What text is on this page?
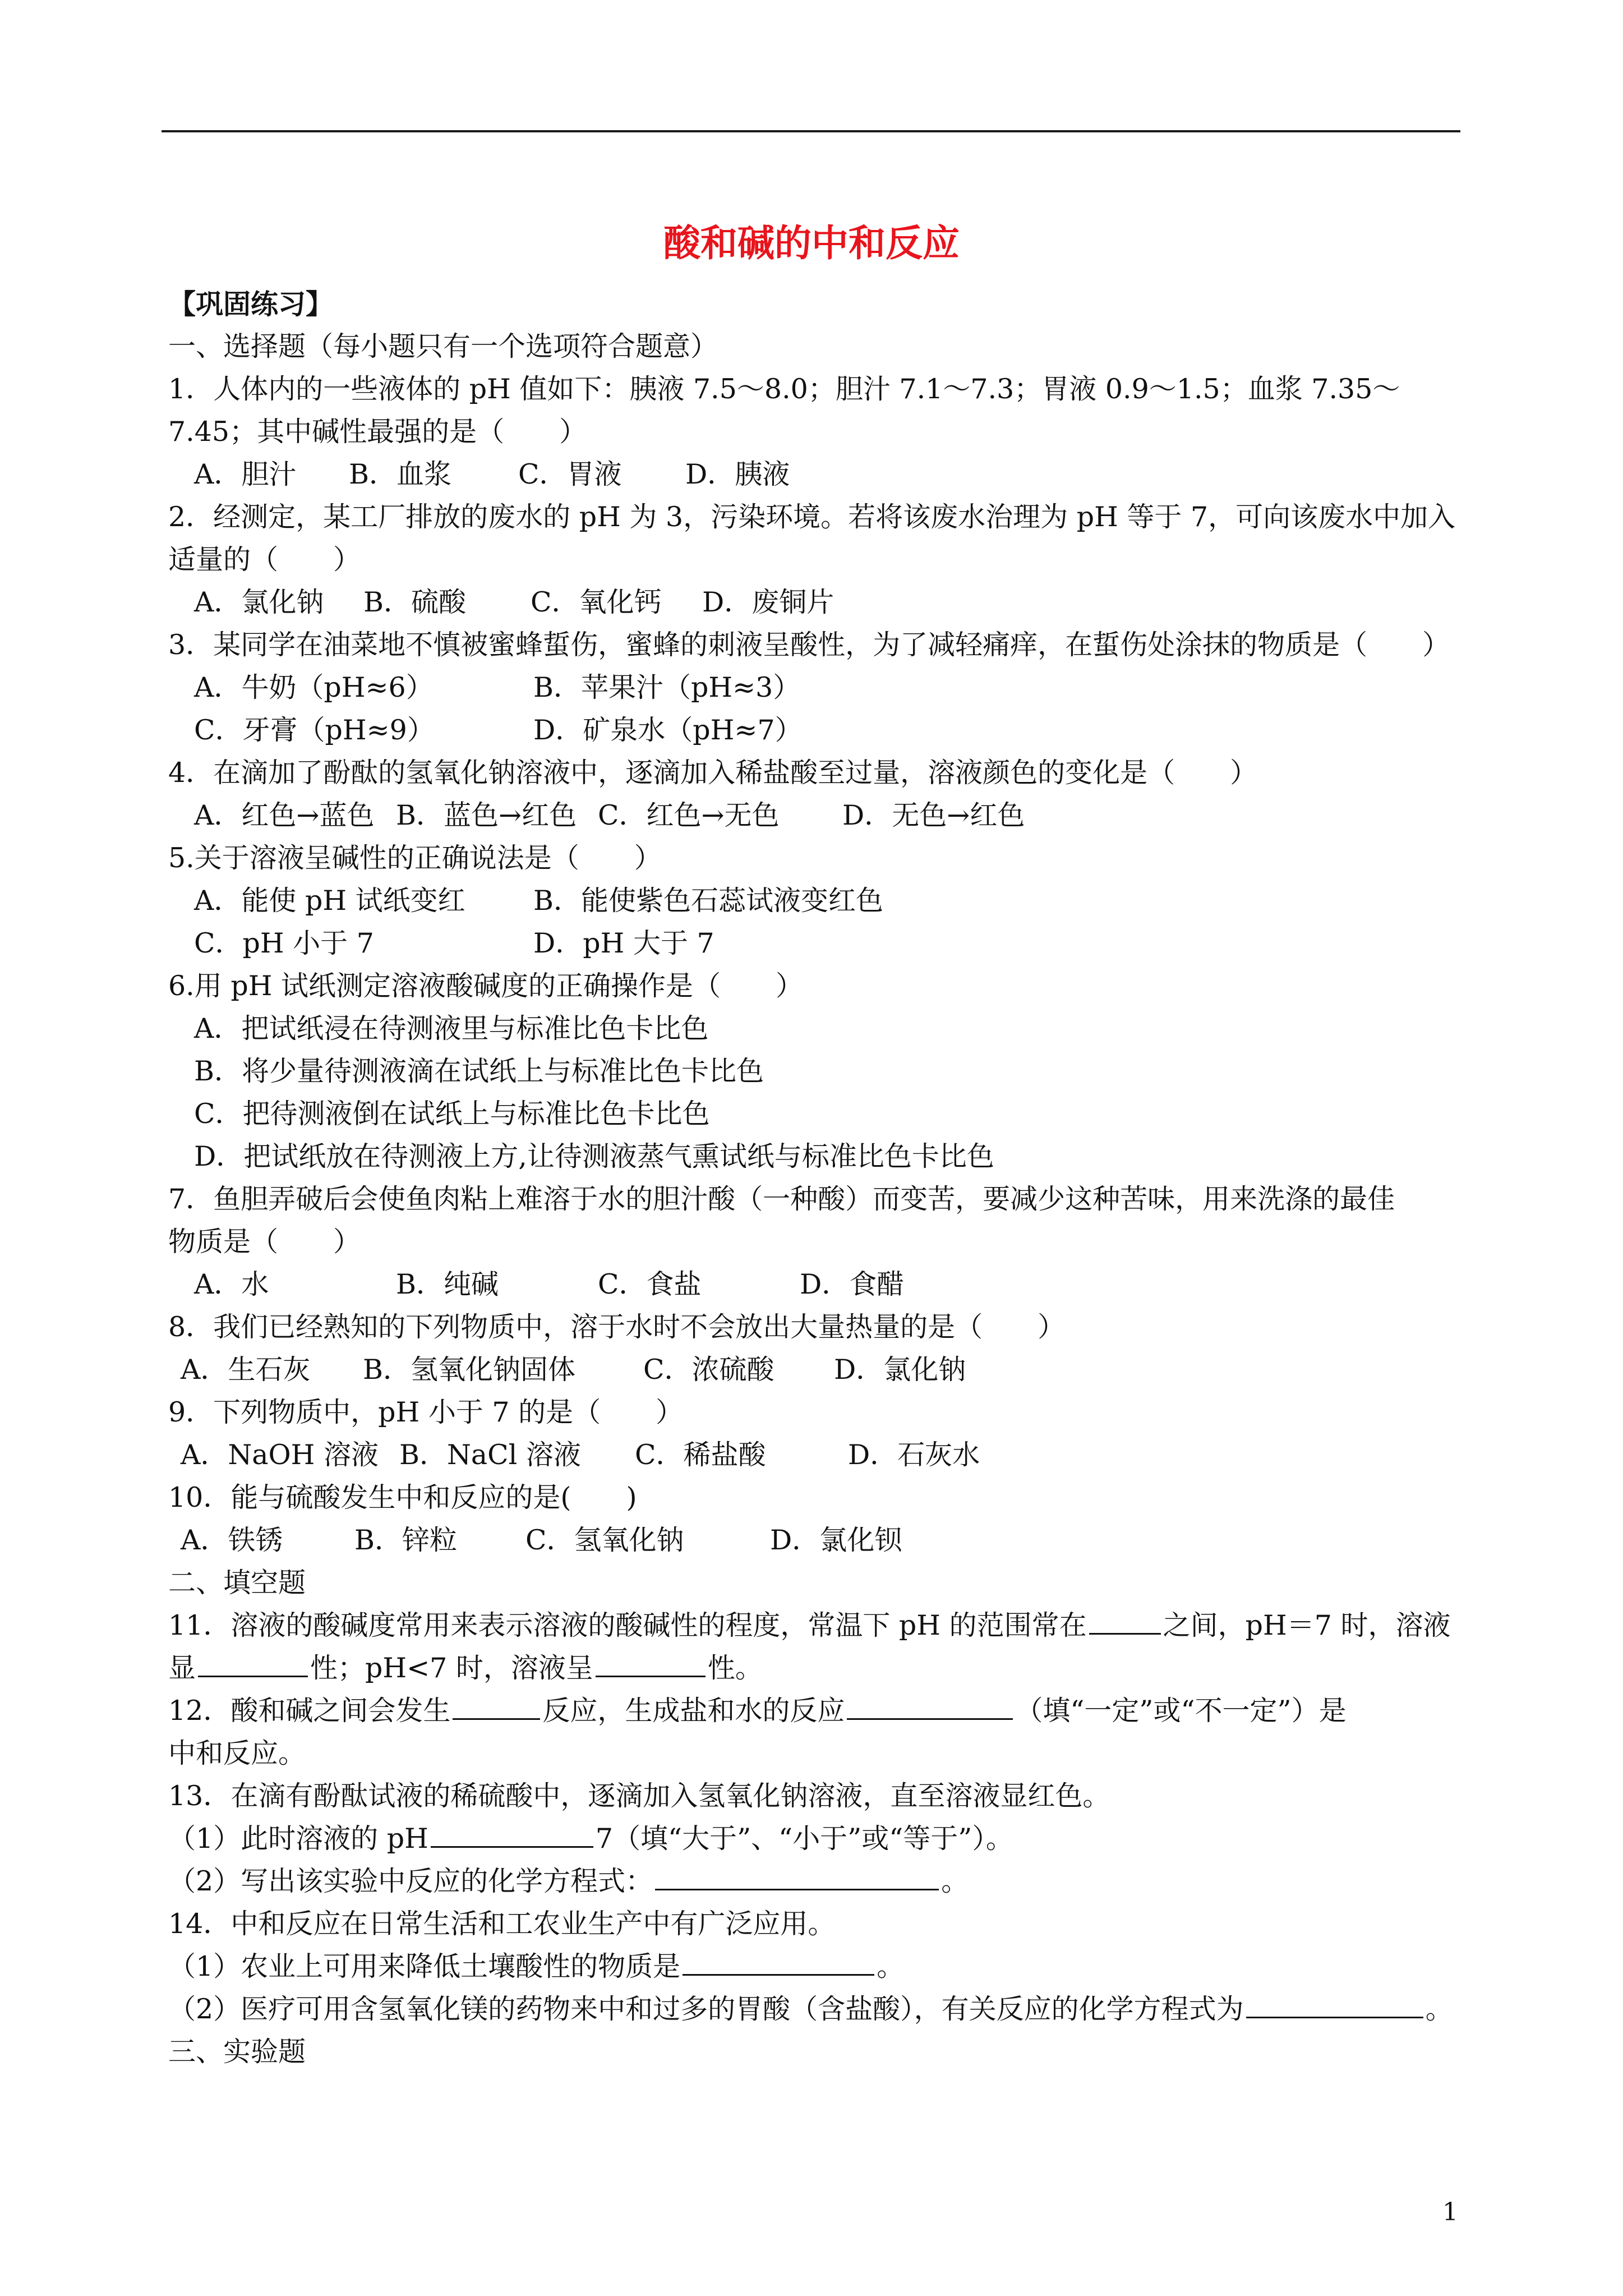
酸和碱的中和反应
【巩固练习】
一、选择题（每小题只有一个选项符合题意）
1．人体内的一些液体的 pH 值如下：胰液 7.5～8.0；胆汁 7.1～7.3；胃液 0.9～1.5；血浆 7.35～
7.45；其中碱性最强的是（　　）
A．胆汁	B．血浆	C．胃液	D．胰液
2．经测定，某工厂排放的废水的 pH 为 3，污染环境。若将该废水治理为 pH 等于 7，可向该废水中加入
适量的（　　）
A．氯化钠	B．硫酸	C．氧化钙	D．废铜片
3．某同学在油菜地不慎被蜜蜂蜇伤，蜜蜂的刺液呈酸性，为了减轻痛痒，在蜇伤处涂抹的物质是（　　）
A．牛奶（pH≈6）	B．苹果汁（pH≈3）
C．牙膏（pH≈9）	D．矿泉水（pH≈7）
4．在滴加了酚酞的氢氧化钠溶液中，逐滴加入稀盐酸至过量，溶液颜色的变化是（　　）
A．红色→蓝色 B．蓝色→红色 C．红色→无色	D．无色→红色
5.关于溶液呈碱性的正确说法是（　　）
A．能使 pH 试纸变红	B．能使紫色石蕊试液变红色
C．pH 小于 7	D．pH 大于 7
6.用 pH 试纸测定溶液酸碱度的正确操作是（　　）
A．把试纸浸在待测液里与标准比色卡比色
B．将少量待测液滴在试纸上与标准比色卡比色
C．把待测液倒在试纸上与标准比色卡比色
D．把试纸放在待测液上方,让待测液蒸气熏试纸与标准比色卡比色
7．鱼胆弄破后会使鱼肉粘上难溶于水的胆汁酸（一种酸）而变苦，要减少这种苦味，用来洗涤的最佳
物质是（　　）
A．水	B．纯碱	C．食盐	D．食醋
8．我们已经熟知的下列物质中，溶于水时不会放出大量热量的是（　　）
A．生石灰	B．氢氧化钠固体	C．浓硫酸	D．氯化钠
9．下列物质中，pH 小于 7 的是（　　）
A．NaOH 溶液 B．NaCl 溶液	C．稀盐酸	D．石灰水
10．能与硫酸发生中和反应的是(　　)
A．铁锈	B．锌粒	C．氢氧化钠	D．氯化钡
二、填空题
11．溶液的酸碱度常用来表示溶液的酸碱性的程度，常温下 pH 的范围常在	之间，pH＝7 时，溶液
显	性；pH<7 时，溶液呈	性。
12．酸和碱之间会发生	反应，生成盐和水的反应	（填“一定”或“不一定”）是
中和反应。
13．在滴有酚酞试液的稀硫酸中，逐滴加入氢氧化钠溶液，直至溶液显红色。
（1）此时溶液的 pH	7（填“大于”、“小于”或“等于”）。
（2）写出该实验中反应的化学方程式：	。
14．中和反应在日常生活和工农业生产中有广泛应用。
（1）农业上可用来降低土壤酸性的物质是	。
（2）医疗可用含氢氧化镁的药物来中和过多的胃酸（含盐酸），有关反应的化学方程式为	。
三、实验题
1
